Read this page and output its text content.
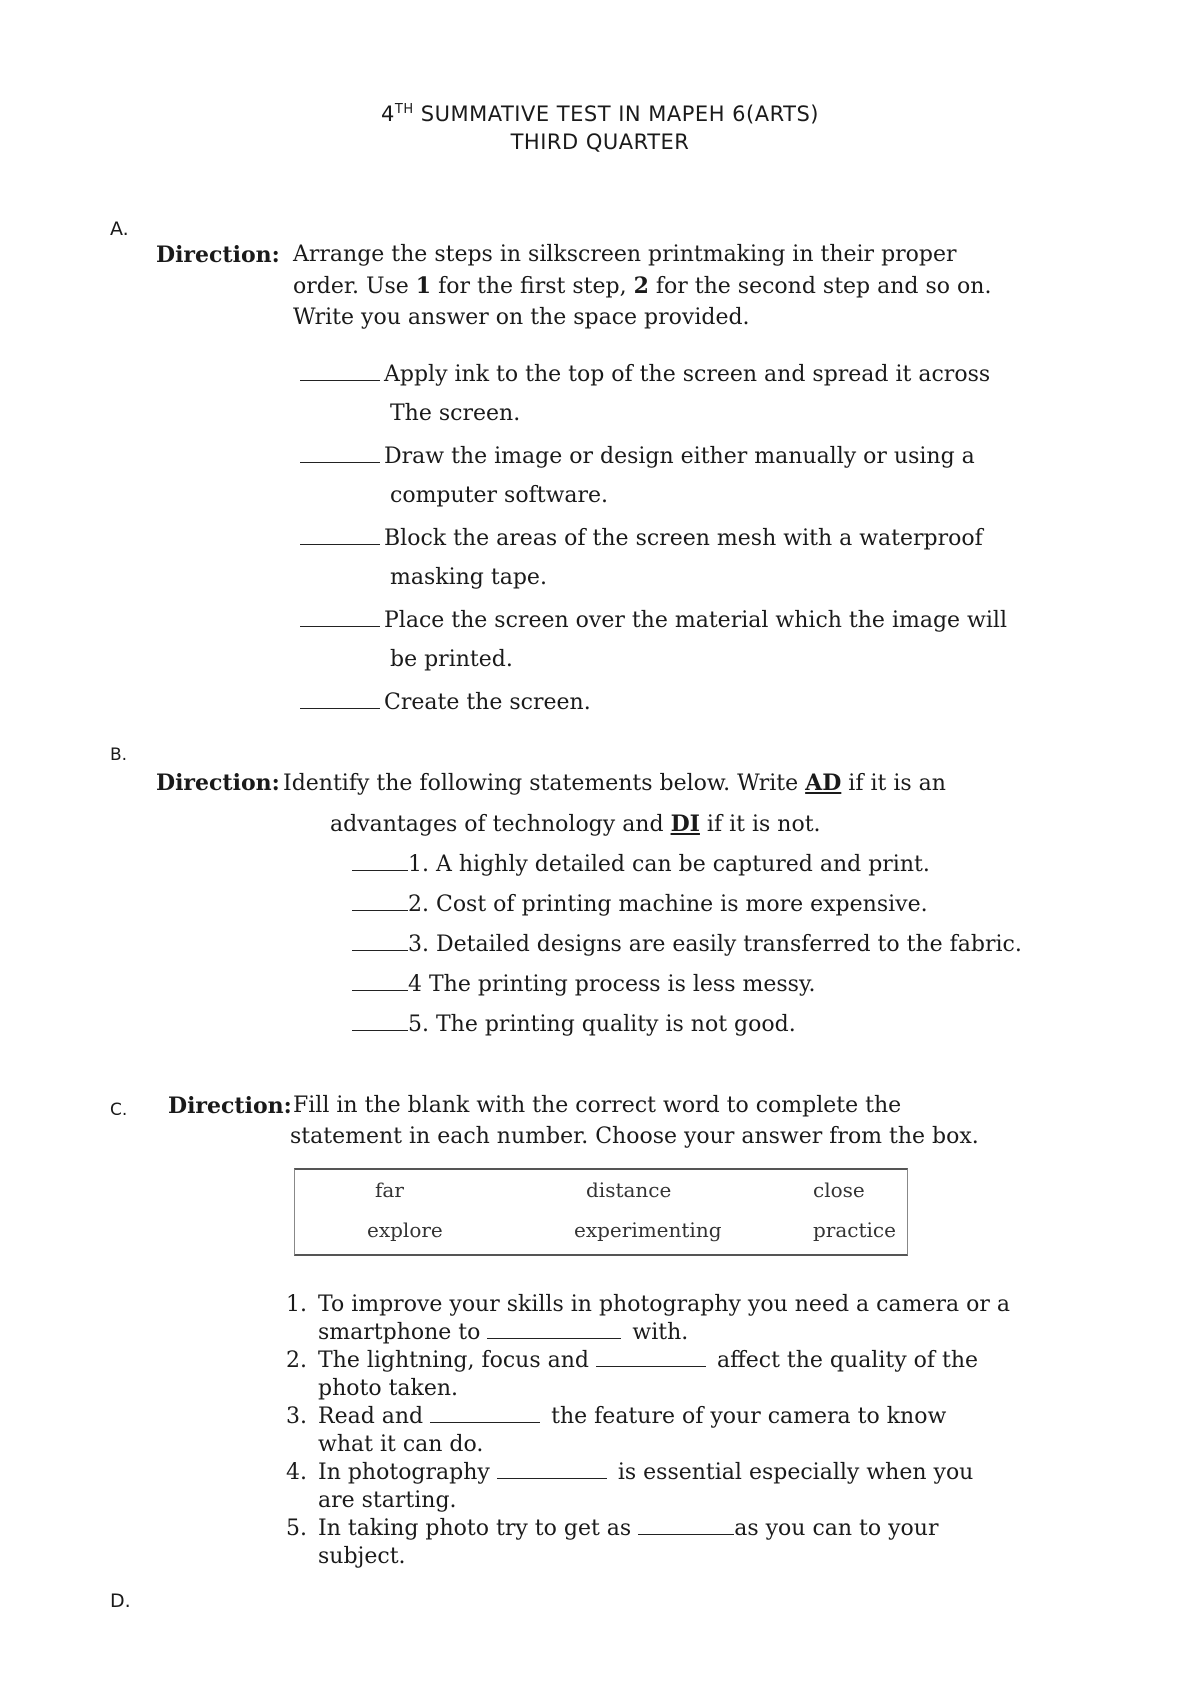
4TH SUMMATIVE TEST IN MAPEH 6(ARTS)
THIRD QUARTER
A.
Direction: Arrange the steps in silkscreen printmaking in their proper
order. Use 1 for the first step, 2 for the second step and so on.
Write you answer on the space provided.
Apply ink to the top of the screen and spread it across
The screen.
Draw the image or design either manually or using a
computer software.
Block the areas of the screen mesh with a waterproof
masking tape.
Place the screen over the material which the image will
be printed.
Create the screen.
B.
Direction: Identify the following statements below. Write AD if it is an
advantages of technology and DI if it is not.
1. A highly detailed can be captured and print.
2. Cost of printing machine is more expensive.
3. Detailed designs are easily transferred to the fabric.
4 The printing process is less messy.
5. The printing quality is not good.
C. Direction: Fill in the blank with the correct word to complete the
statement in each number. Choose your answer from the box.
far	distance	close
explore	experimenting	practice
1. To improve your skills in photography you need a camera or a
smartphone to	with.
2. The lightning, focus and	affect the quality of the
photo taken.
3. Read and	the feature of your camera to know
what it can do.
4. In photography	is essential especially when you
are starting.
5. In taking photo try to get as	as you can to your
subject.
D.
